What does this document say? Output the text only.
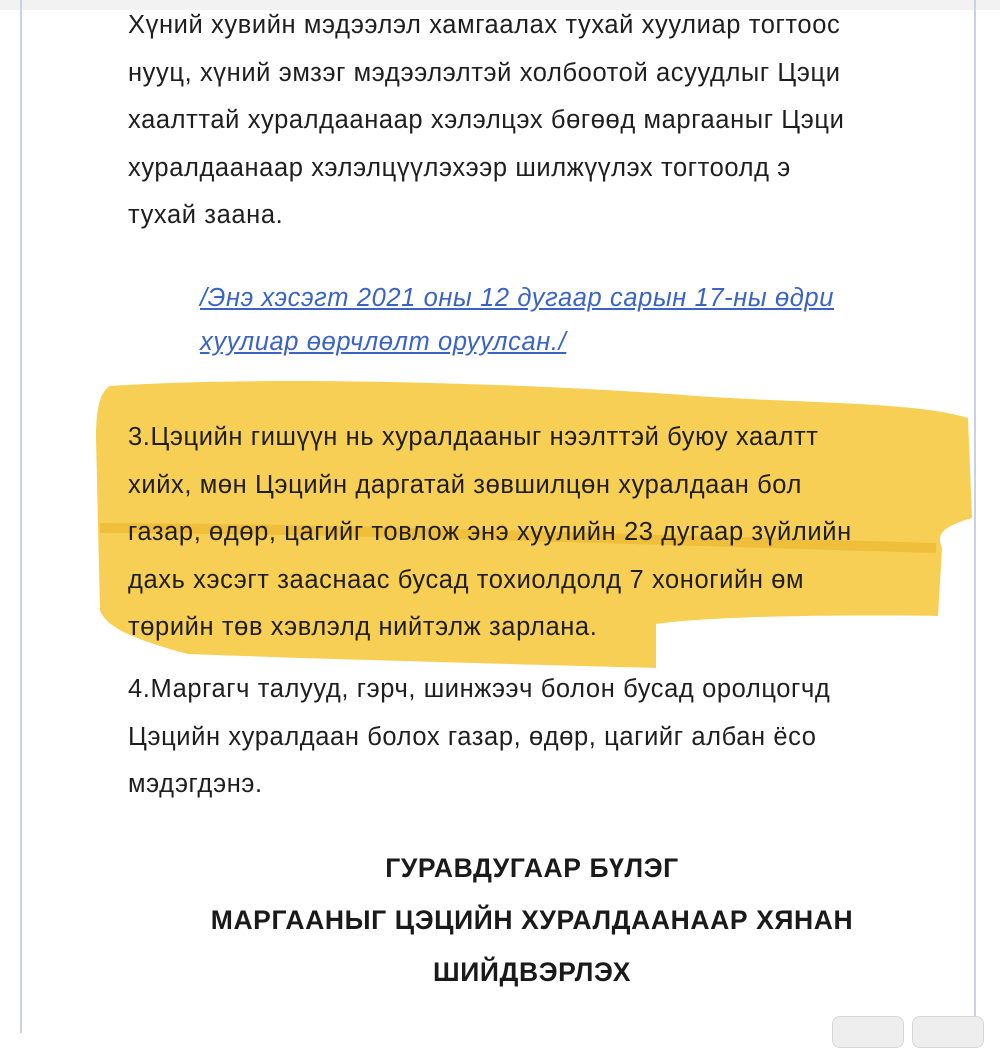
Хүний хувийн мэдээлэл хамгаалах тухай хуулиар тогтоос
нууц, хүний эмзэг мэдээлэлтэй холбоотой асуудлыг Цэци
хаалттай хуралдаанаар хэлэлцэх бөгөөд маргааныг Цэци
хуралдаанаар хэлэлцүүлэхээр шилжүүлэх тогтоолд э
тухай заана.
/Энэ хэсэгт 2021 оны 12 дугаар сарын 17-ны өдри
хуулиар өөрчлөлт оруулсан./
3.Цэцийн гишүүн нь хуралдааныг нээлттэй буюу хаалтт
хийх, мөн Цэцийн даргатай зөвшилцөн хуралдаан бол
газар, өдөр, цагийг товлож энэ хуулийн 23 дугаар зүйлийн
дахь хэсэгт зааснаас бусад тохиолдолд 7 хоногийн өм
төрийн төв хэвлэлд нийтэлж зарлана.
4.Маргагч талууд, гэрч, шинжээч болон бусад оролцогчд
Цэцийн хуралдаан болох газар, өдөр, цагийг албан ёсо
мэдэгдэнэ.
ГУРАВДУГААР БҮЛЭГ
МАРГААНЫГ ЦЭЦИЙН ХУРАЛДААНААР ХЯНАН
ШИЙДВЭРЛЭХ
